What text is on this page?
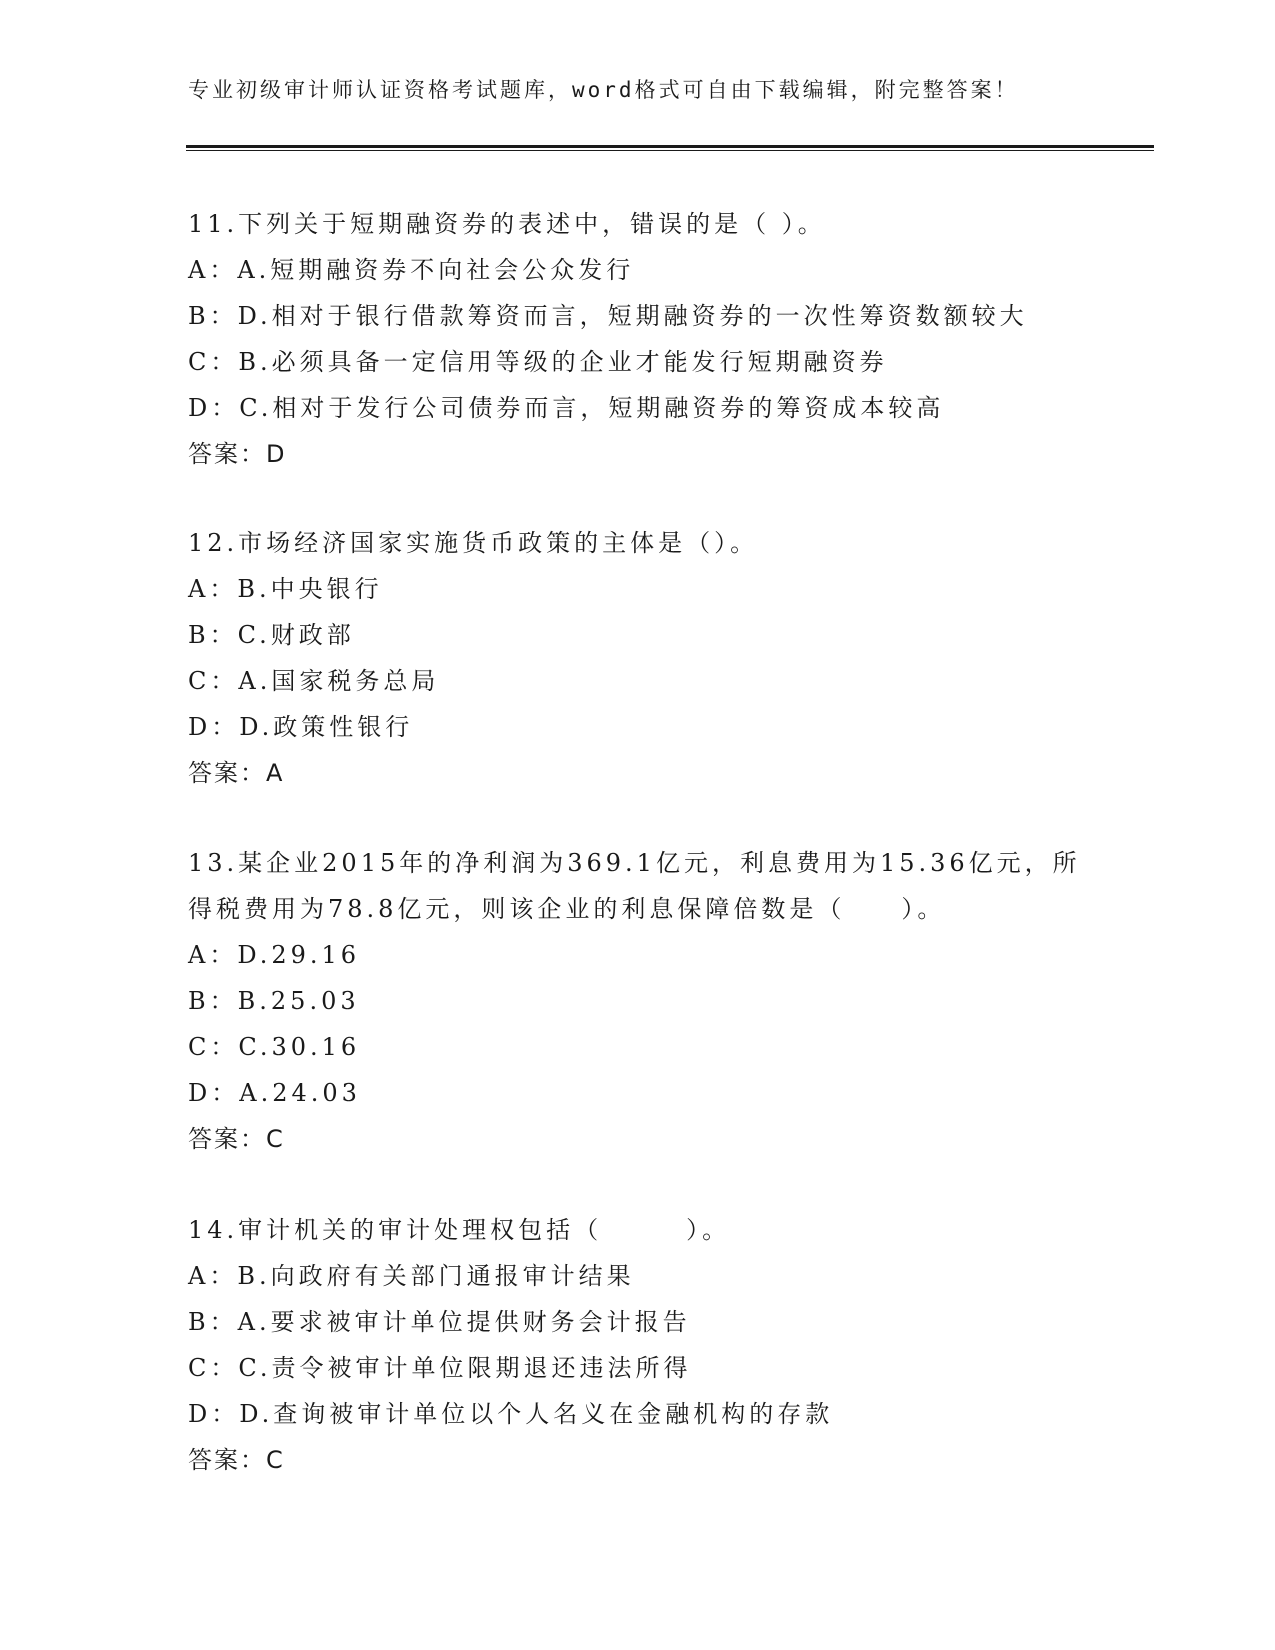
专业初级审计师认证资格考试题库，word格式可自由下载编辑，附完整答案！
11.下列关于短期融资券的表述中，错误的是（ ）。
A：A.短期融资券不向社会公众发行
B：D.相对于银行借款筹资而言，短期融资券的一次性筹资数额较大
C：B.必须具备一定信用等级的企业才能发行短期融资券
D：C.相对于发行公司债券而言，短期融资券的筹资成本较高
答案：D
12.市场经济国家实施货币政策的主体是（）。
A：B.中央银行
B：C.财政部
C：A.国家税务总局
D：D.政策性银行
答案：A
13.某企业2015年的净利润为369.1亿元，利息费用为15.36亿元，所得税费用为78.8亿元，则该企业的利息保障倍数是（　　）。
A：D.29.16
B：B.25.03
C：C.30.16
D：A.24.03
答案：C
14.审计机关的审计处理权包括（　　　）。
A：B.向政府有关部门通报审计结果
B：A.要求被审计单位提供财务会计报告
C：C.责令被审计单位限期退还违法所得
D：D.查询被审计单位以个人名义在金融机构的存款
答案：C
